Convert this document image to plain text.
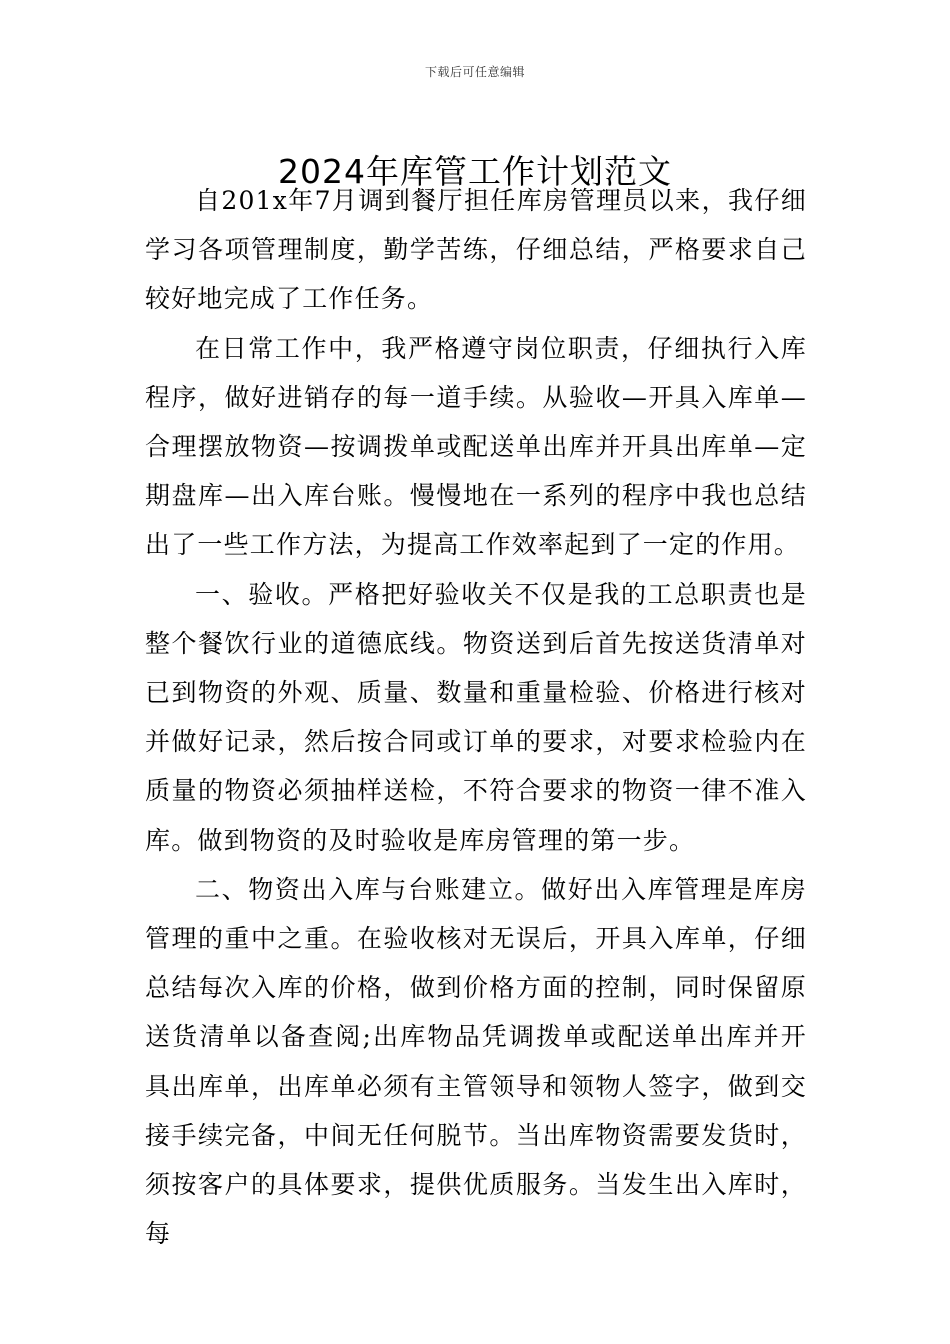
下载后可任意编辑
2024年库管工作计划范文

自201x年7月调到餐厅担任库房管理员以来，我仔细学习各项管理制度，勤学苦练，仔细总结，严格要求自己较好地完成了工作任务。

在日常工作中，我严格遵守岗位职责，仔细执行入库程序，做好进销存的每一道手续。从验收—开具入库单—合理摆放物资—按调拨单或配送单出库并开具出库单—定期盘库—出入库台账。慢慢地在一系列的程序中我也总结出了一些工作方法，为提高工作效率起到了一定的作用。

一、验收。严格把好验收关不仅是我的工总职责也是整个餐饮行业的道德底线。物资送到后首先按送货清单对已到物资的外观、质量、数量和重量检验、价格进行核对并做好记录，然后按合同或订单的要求，对要求检验内在质量的物资必须抽样送检，不符合要求的物资一律不准入库。做到物资的及时验收是库房管理的第一步。

二、物资出入库与台账建立。做好出入库管理是库房管理的重中之重。在验收核对无误后，开具入库单，仔细总结每次入库的价格，做到价格方面的控制，同时保留原送货清单以备查阅;出库物品凭调拨单或配送单出库并开具出库单，出库单必须有主管领导和领物人签字，做到交接手续完备，中间无任何脱节。当出库物资需要发货时，须按客户的具体要求，提供优质服务。当发生出入库时，每
